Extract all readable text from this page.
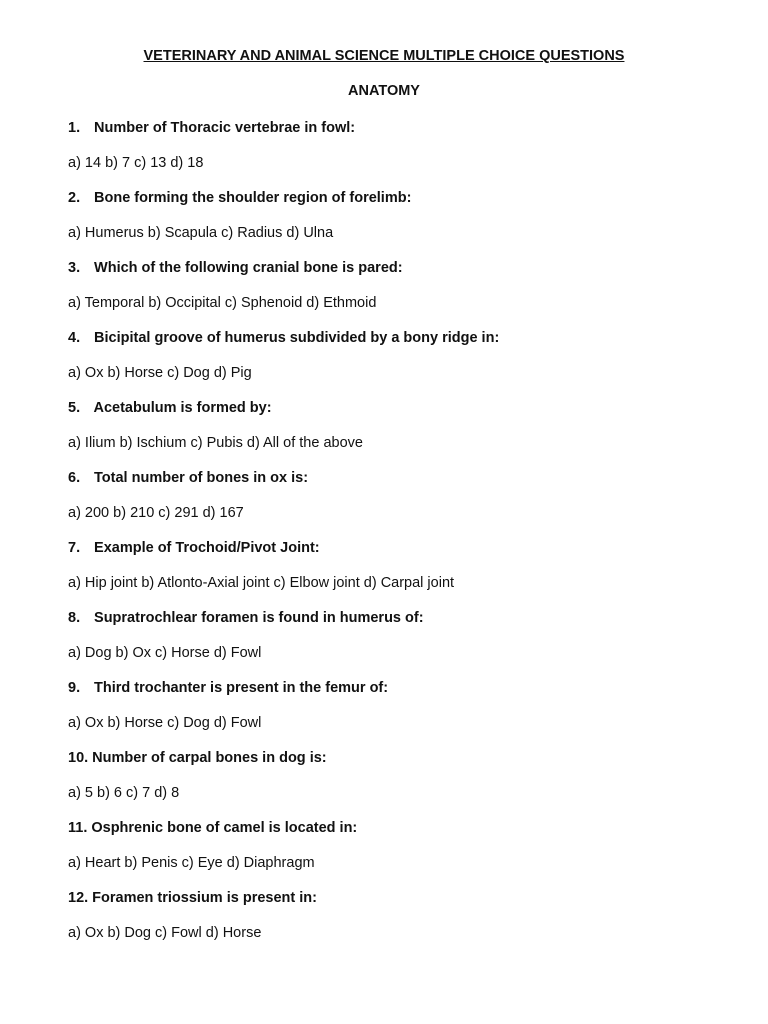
VETERINARY AND ANIMAL SCIENCE MULTIPLE CHOICE QUESTIONS
ANATOMY
1. Number of Thoracic vertebrae in fowl:
a) 14 b) 7 c) 13 d) 18
2. Bone forming the shoulder region of forelimb:
a) Humerus b) Scapula c) Radius d) Ulna
3. Which of the following cranial bone is pared:
a) Temporal b) Occipital c) Sphenoid d) Ethmoid
4. Bicipital groove of humerus subdivided by a bony ridge in:
a) Ox b) Horse c) Dog d) Pig
5. Acetabulum is formed by:
a) Ilium b) Ischium c) Pubis d) All of the above
6. Total number of bones in ox is:
a) 200 b) 210 c) 291 d) 167
7. Example of Trochoid/Pivot Joint:
a) Hip joint b) Atlonto-Axial joint c) Elbow joint d) Carpal joint
8. Supratrochlear foramen is found in humerus of:
a) Dog b) Ox c) Horse d) Fowl
9. Third trochanter is present in the femur of:
a) Ox b) Horse c) Dog d) Fowl
10. Number of carpal bones in dog is:
a) 5 b) 6 c) 7 d) 8
11. Osphrenic bone of camel is located in:
a) Heart b) Penis c) Eye d) Diaphragm
12. Foramen triossium is present in:
a) Ox b) Dog c) Fowl d) Horse
